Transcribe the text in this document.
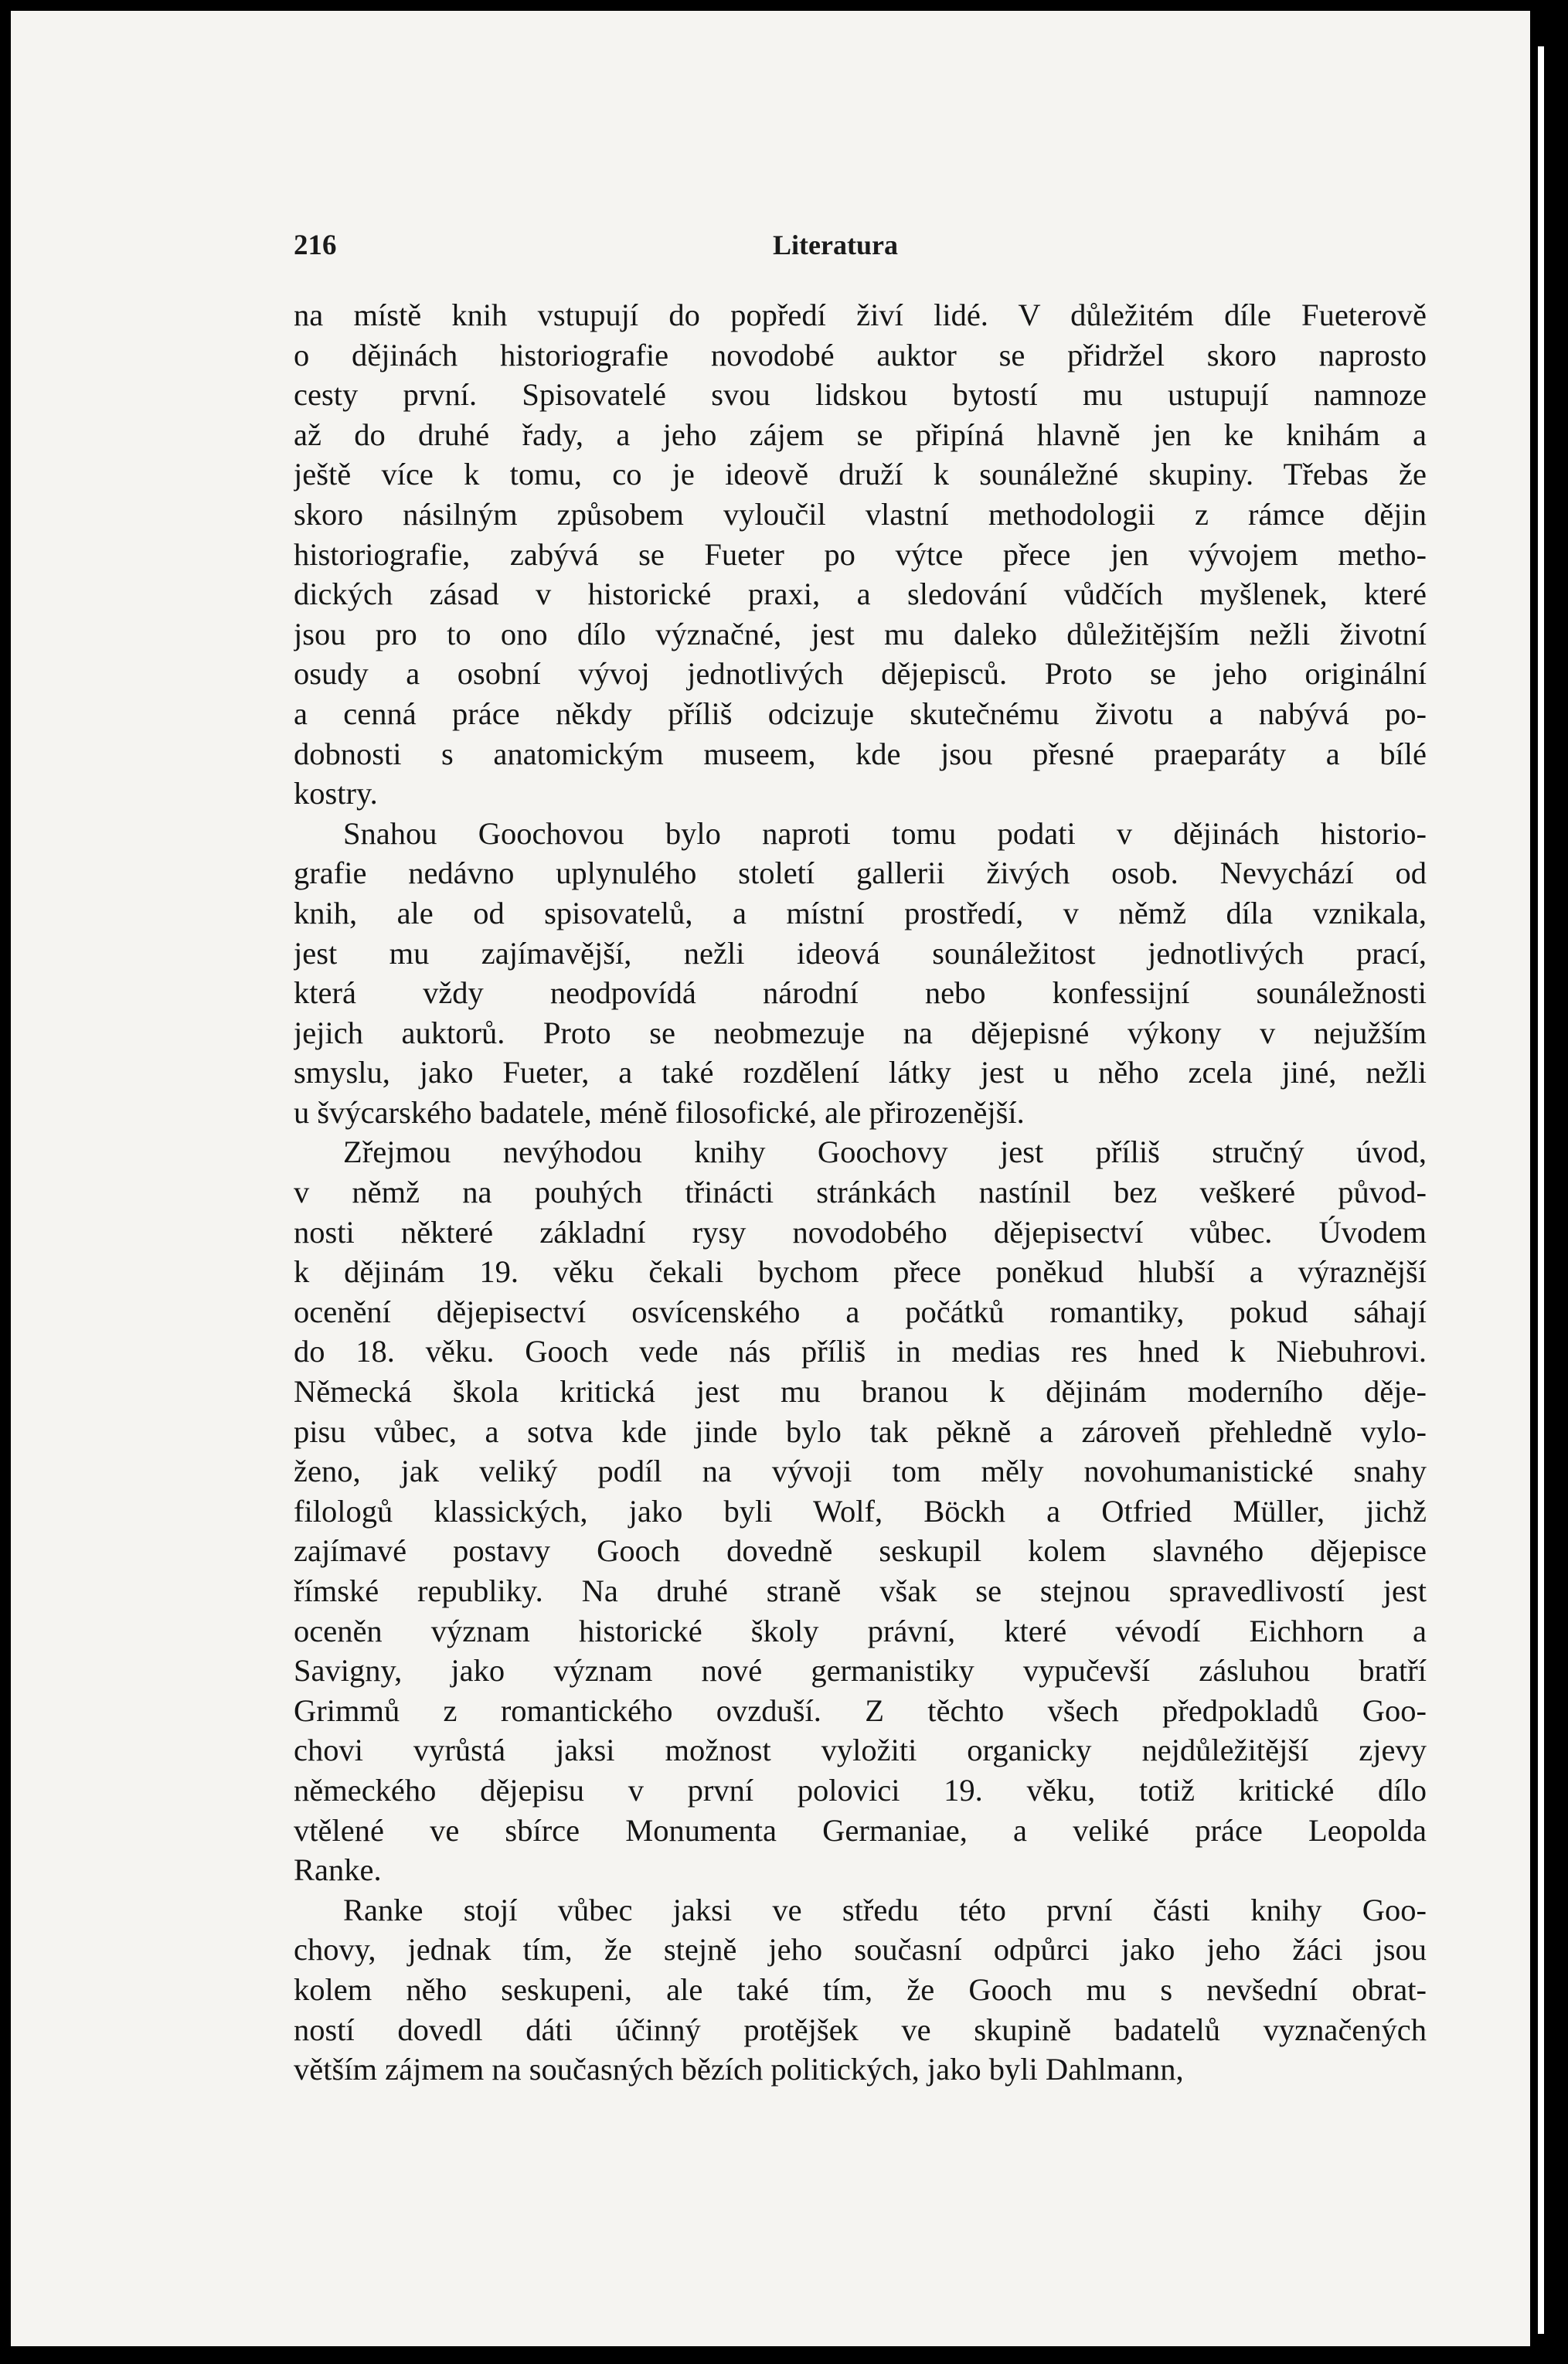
216	Literatura
na místě knih vstupují do popředí živí lidé. V důležitém díle Fueterově
o dějinách historiografie novodobé auktor se přidržel skoro naprosto
cesty první. Spisovatelé svou lidskou bytostí mu ustupují namnoze
až do druhé řady, a jeho zájem se připíná hlavně jen ke knihám a
ještě více k tomu, co je ideově druží k sounáležné skupiny. Třebas že
skoro násilným způsobem vyloučil vlastní methodologii z rámce dějin
historiografie, zabývá se Fueter po výtce přece jen vývojem metho-
dických zásad v historické praxi, a sledování vůdčích myšlenek, které
jsou pro to ono dílo význačné, jest mu daleko důležitějším nežli životní
osudy a osobní vývoj jednotlivých dějepisců. Proto se jeho originální
a cenná práce někdy příliš odcizuje skutečnému životu a nabývá po-
dobnosti s anatomickým museem, kde jsou přesné praeparáty a bílé
kostry.
Snahou Goochovou bylo naproti tomu podati v dějinách historio-
grafie nedávno uplynulého století gallerii živých osob. Nevychází od
knih, ale od spisovatelů, a místní prostředí, v němž díla vznikala,
jest mu zajímavější, nežli ideová sounáležitost jednotlivých prací,
která vždy neodpovídá národní nebo konfessijní sounáležnosti
jejich auktorů. Proto se neobmezuje na dějepisné výkony v nejužším
smyslu, jako Fueter, a také rozdělení látky jest u něho zcela jiné, nežli
u švýcarského badatele, méně filosofické, ale přirozenější.
Zřejmou nevýhodou knihy Goochovy jest příliš stručný úvod,
v němž na pouhých třinácti stránkách nastínil bez veškeré původ-
nosti některé základní rysy novodobého dějepisectví vůbec. Úvodem
k dějinám 19. věku čekali bychom přece poněkud hlubší a výraznější
ocenění dějepisectví osvícenského a počátků romantiky, pokud sáhají
do 18. věku. Gooch vede nás příliš in medias res hned k Niebuhrovi.
Německá škola kritická jest mu branou k dějinám moderního děje-
pisu vůbec, a sotva kde jinde bylo tak pěkně a zároveň přehledně vylo-
ženo, jak veliký podíl na vývoji tom měly novohumanistické snahy
filologů klassických, jako byli Wolf, Böckh a Otfried Müller, jichž
zajímavé postavy Gooch dovedně seskupil kolem slavného dějepisce
římské republiky. Na druhé straně však se stejnou spravedlivostí jest
oceněn význam historické školy právní, které vévodí Eichhorn a
Savigny, jako význam nové germanistiky vypučevší zásluhou bratří
Grimmů z romantického ovzduší. Z těchto všech předpokladů Goo-
chovi vyrůstá jaksi možnost vyložiti organicky nejdůležitější zjevy
německého dějepisu v první polovici 19. věku, totiž kritické dílo
vtělené ve sbírce Monumenta Germaniae, a veliké práce Leopolda
Ranke.
Ranke stojí vůbec jaksi ve středu této první části knihy Goo-
chovy, jednak tím, že stejně jeho současní odpůrci jako jeho žáci jsou
kolem něho seskupeni, ale také tím, že Gooch mu s nevšední obrat-
ností dovedl dáti účinný protějšek ve skupině badatelů vyznačených
větším zájmem na současných bězích politických, jako byli Dahlmann,
